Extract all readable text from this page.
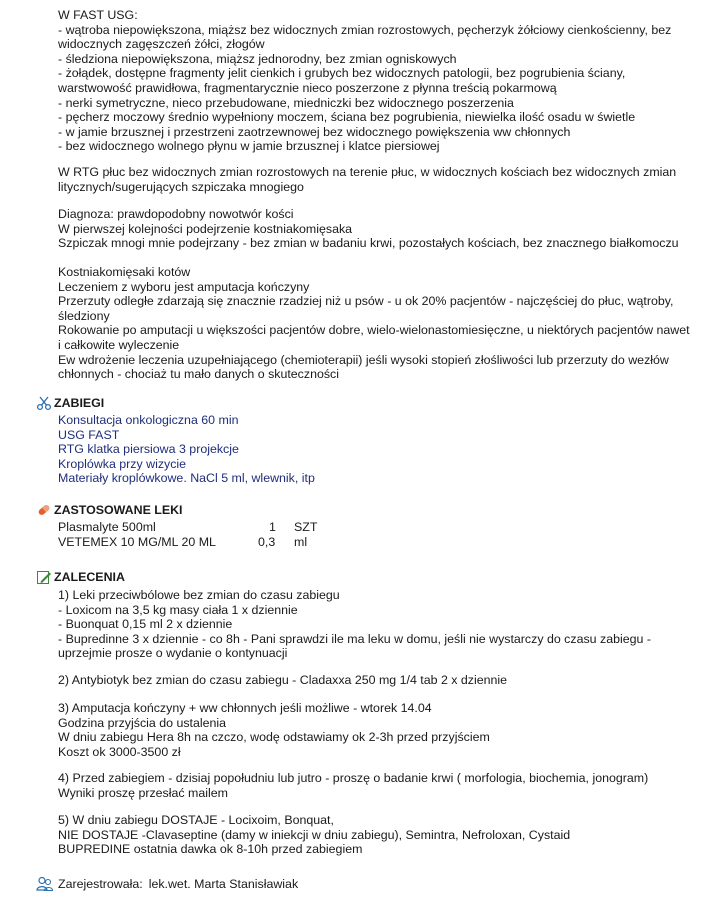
W FAST USG:
- wątroba niepowiększona, miąższ bez widocznych zmian rozrostowych, pęcherzyk żółciowy cienkościenny, bez
widocznych zagęszczeń żółci, złogów
- śledziona niepowiększona, miąższ jednorodny, bez zmian ogniskowych
- żołądek, dostępne fragmenty jelit cienkich i grubych bez widocznych patologii, bez pogrubienia ściany,
warstwowość prawidłowa, fragmentarycznie nieco poszerzone z płynna treścią pokarmową
- nerki symetryczne, nieco przebudowane, miedniczki bez widocznego poszerzenia
- pęcherz moczowy średnio wypełniony moczem, ściana bez pogrubienia, niewielka ilość osadu w świetle
- w jamie brzusznej i przestrzeni zaotrzewnowej bez widocznego powiększenia ww chłonnych
- bez widocznego wolnego płynu w jamie brzusznej i klatce piersiowej
W RTG płuc bez widocznych zmian rozrostowych na terenie płuc, w widocznych kościach bez widocznych zmian
litycznych/sugerujących szpiczaka mnogiego
Diagnoza: prawdopodobny nowotwór kości
W pierwszej kolejności podejrzenie kostniakomięsaka
Szpiczak mnogi mnie podejrzany - bez zmian w badaniu krwi, pozostałych kościach, bez znacznego białkomoczu
Kostniakomięsaki kotów
Leczeniem z wyboru jest amputacja kończyny
Przerzuty odległe zdarzają się znacznie rzadziej niż u psów - u ok 20% pacjentów - najczęściej do płuc, wątroby,
śledziony
Rokowanie po amputacji u większości pacjentów dobre, wielo-wielonastomiesięczne, u niektórych pacjentów nawet
i całkowite wyleczenie
Ew wdrożenie leczenia uzupełniającego (chemioterapii) jeśli wysoki stopień złośliwości lub przerzuty do wezłów
chłonnych - chociaż tu mało danych o skuteczności
ZABIEGI
Konsultacja onkologiczna 60 min
USG FAST
RTG klatka piersiowa 3 projekcje
Kroplówka przy wizycie
Materiały kroplówkowe. NaCl 5 ml, wlewnik, itp
ZASTOSOWANE LEKI
Plasmalyte 500ml	1 SZT
VETEMEX 10 MG/ML 20 ML	0,3 ml
ZALECENIA
1) Leki przeciwbólowe bez zmian do czasu zabiegu
- Loxicom na 3,5 kg masy ciała 1 x dziennie
- Buonquat 0,15 ml 2 x dziennie
- Bupredinne 3 x dziennie - co 8h - Pani sprawdzi ile ma leku w domu, jeśli nie wystarczy do czasu zabiegu -
uprzejmie prosze o wydanie o kontynuacji
2) Antybiotyk bez zmian do czasu zabiegu - Cladaxxa 250 mg 1/4 tab 2 x dziennie
3) Amputacja kończyny + ww chłonnych jeśli możliwe - wtorek 14.04
Godzina przyjścia do ustalenia
W dniu zabiegu Hera 8h na czczo, wodę odstawiamy ok 2-3h przed przyjściem
Koszt ok 3000-3500 zł
4) Przed zabiegiem - dzisiaj popołudniu lub jutro - proszę o badanie krwi ( morfologia, biochemia, jonogram)
Wyniki proszę przesłać mailem
5) W dniu zabiegu DOSTAJE - Locixoim, Bonquat,
NIE DOSTAJE -Clavaseptine (damy w iniekcji w dniu zabiegu), Semintra, Nefroloxan, Cystaid
BUPREDINE ostatnia dawka ok 8-10h przed zabiegiem
Zarejestrowała: lek.wet. Marta Stanisławiak
